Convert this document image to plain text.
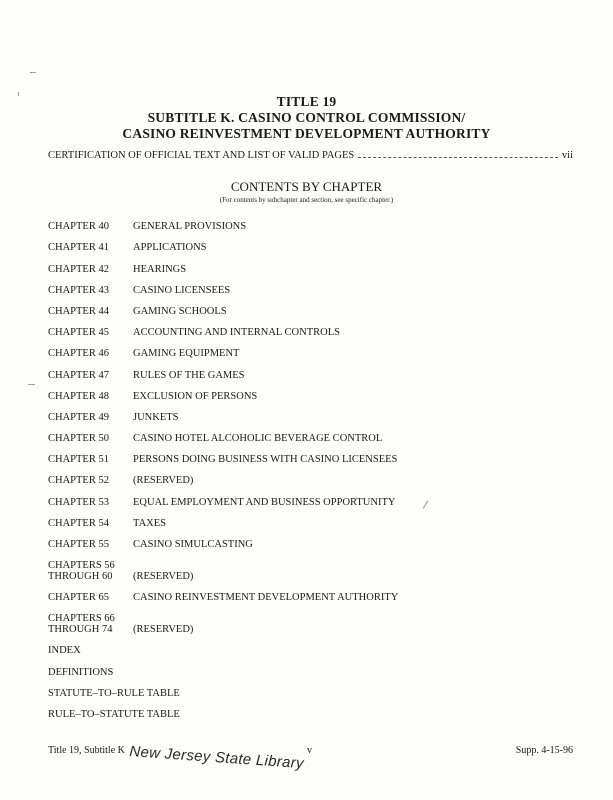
TITLE 19
SUBTITLE K. CASINO CONTROL COMMISSION/
CASINO REINVESTMENT DEVELOPMENT AUTHORITY
CERTIFICATION OF OFFICIAL TEXT AND LIST OF VALID PAGES	vii
CONTENTS BY CHAPTER
(For contents by subchapter and section, see specific chapter.)
CHAPTER 40	GENERAL PROVISIONS
CHAPTER 41	APPLICATIONS
CHAPTER 42	HEARINGS
CHAPTER 43	CASINO LICENSEES
CHAPTER 44	GAMING SCHOOLS
CHAPTER 45	ACCOUNTING AND INTERNAL CONTROLS
CHAPTER 46	GAMING EQUIPMENT
CHAPTER 47	RULES OF THE GAMES
CHAPTER 48	EXCLUSION OF PERSONS
CHAPTER 49	JUNKETS
CHAPTER 50	CASINO HOTEL ALCOHOLIC BEVERAGE CONTROL
CHAPTER 51	PERSONS DOING BUSINESS WITH CASINO LICENSEES
CHAPTER 52	(RESERVED)
CHAPTER 53	EQUAL EMPLOYMENT AND BUSINESS OPPORTUNITY
CHAPTER 54	TAXES
CHAPTER 55	CASINO SIMULCASTING
CHAPTERS 56
THROUGH 60	(RESERVED)
CHAPTER 65	CASINO REINVESTMENT DEVELOPMENT AUTHORITY
CHAPTERS 66
THROUGH 74	(RESERVED)
INDEX
DEFINITIONS
STATUTE–TO–RULE TABLE
RULE–TO–STATUTE TABLE
Title 19, Subtitle K New Jersey State Library v	Supp. 4-15-96
